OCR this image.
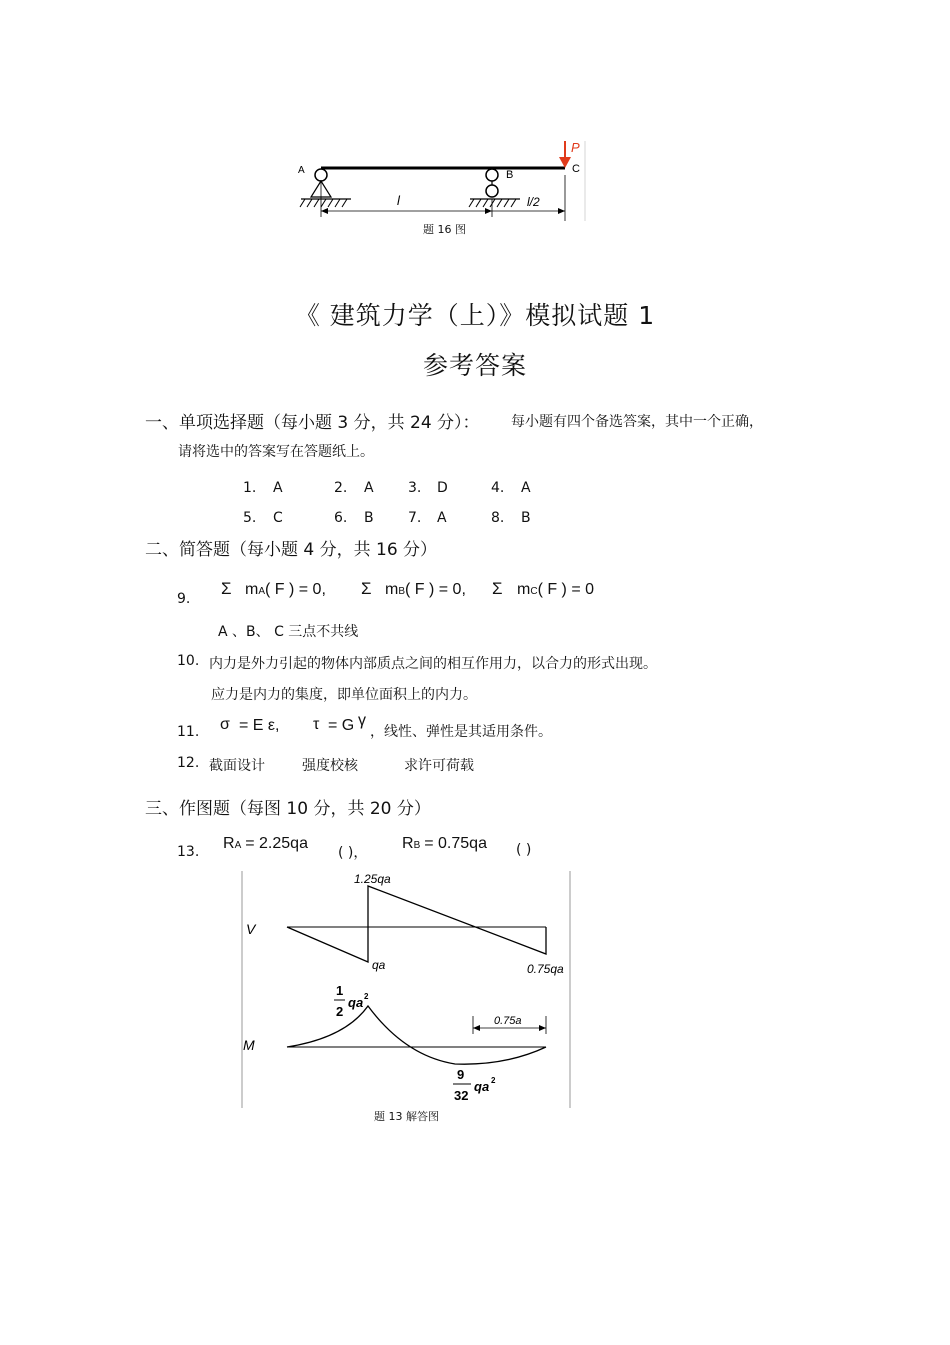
A	B	C
P
l	l/2
题 16 图
《 建筑力学（上）》模拟试题 1
参考答案
一、单项选择题（每小题 3 分，共 24 分）： 每小题有四个备选答案，其中一个正确，
请将选中的答案写在答题纸上。
1. A	2. A 3. D	4. A
5. C	6. B 7. A	8. B
二、简答题（每小题 4 分，共 16 分）
9.
Σ mA( F ) = 0, Σ mB( F ) = 0, Σ mC( F ) = 0
A 、B、 C 三点不共线
10. 内力是外力引起的物体内部质点之间的相互作用力，以合力的形式出现。
应力是内力的集度，即单位面积上的内力。
11. σ = E ε, τ = G γ
，线性、弹性是其适用条件。
12. 截面设计	强度校核	求许可荷载
三、作图题（每图 10 分，共 20 分）
13. RA = 2.25qa
( )，
RB = 0.75qa ( )
V
1.25qa
qa	0.75qa
M
1
2
qa 2
9
32
qa 2
0.75a
题 13 解答图
